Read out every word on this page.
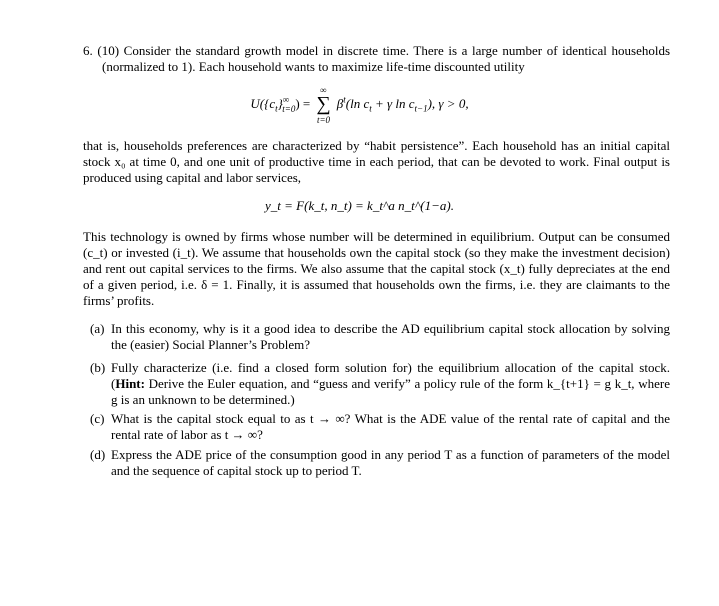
6. (10) Consider the standard growth model in discrete time. There is a large number of identical households (normalized to 1). Each household wants to maximize life-time discounted utility
$U(\{c_t\}^\infty_{t=0})$ =
∞
∑
t=0
$\beta^t(\ln$ $c_t + \gamma$ $\ln c_{t-1}$), γ > 0,
that is, households preferences are characterized by “habit persistence”. Each household has an initial capital stock x₀ at time 0, and one unit of productive time in each period, that can be devoted to work. Final output is produced using capital and labor services,
y_t = F(k_t, n_t) = k_t^a n_t^(1−a).
This technology is owned by firms whose number will be determined in equilibrium. Output can be consumed (c_t) or invested (i_t). We assume that households own the capital stock (so they make the investment decision) and rent out capital services to the firms. We also assume that the capital stock (x_t) fully depreciates at the end of a given period, i.e. δ = 1. Finally, it is assumed that households own the firms, i.e. they are claimants to the firms’ profits.
(a) In this economy, why is it a good idea to describe the AD equilibrium capital stock allocation by solving the (easier) Social Planner’s Problem?
(b) Fully characterize (i.e. find a closed form solution for) the equilibrium allocation of the capital stock. (Hint: Derive the Euler equation, and “guess and verify” a policy rule of the form k_{t+1} = g k_t, where g is an unknown to be determined.)
(c) What is the capital stock equal to as t → ∞? What is the ADE value of the rental rate of capital and the rental rate of labor as t → ∞?
(d) Express the ADE price of the consumption good in any period T as a function of parameters of the model and the sequence of capital stock up to period T.
